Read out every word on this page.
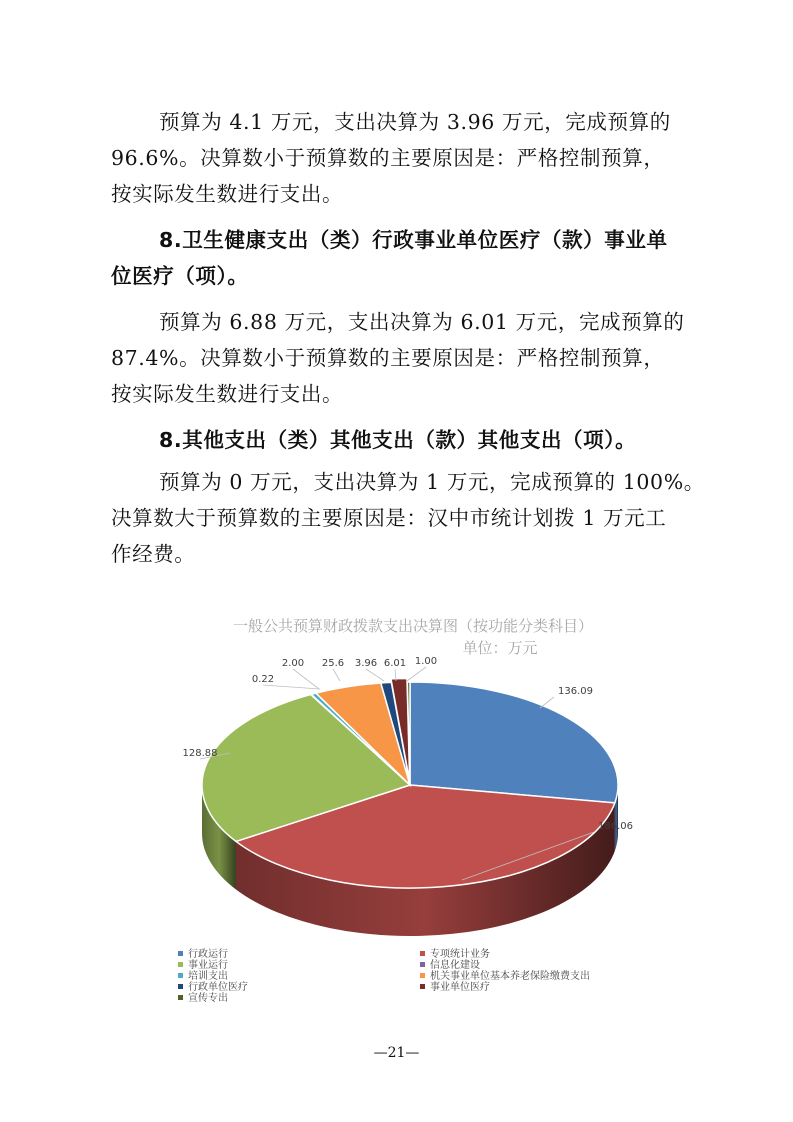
预算为 4.1 万元，支出决算为 3.96 万元，完成预算的
96.6%。决算数小于预算数的主要原因是：严格控制预算，
按实际发生数进行支出。
8.卫生健康支出（类）行政事业单位医疗（款）事业单
位医疗（项）。
预算为 6.88 万元，支出决算为 6.01 万元，完成预算的
87.4%。决算数小于预算数的主要原因是：严格控制预算，
按实际发生数进行支出。
8.其他支出（类）其他支出（款）其他支出（项）。
预算为 0 万元，支出决算为 1 万元，完成预算的 100%。
决算数大于预算数的主要原因是：汉中市统计划拨 1 万元工
作经费。
一般公共预算财政拨款支出决算图（按功能分类科目）
单位：万元
136.09
186.06
128.88
0.22
2.00 25.6 3.96 6.01 1.00
行政运行	专项统计业务
事业运行	信息化建设
培训支出	机关事业单位基本养老保险缴费支出
行政单位医疗	事业单位医疗
宣传专出
—21—
